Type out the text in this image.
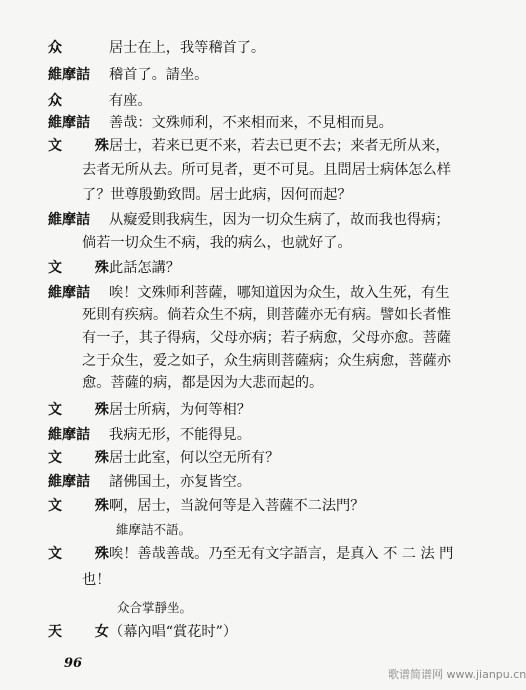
众	居士在上，我等稽首了。
維摩詰 稽首了。請坐。
众	有座。
維摩詰 善哉：文殊师利，不来相而来，不見相而見。
文 殊
居士，若来已更不来，若去已更不去；来者无所从来，
去者无所从去。所可見者，更不可見。且問居士病体怎么样
了？世尊殷勤致問。居士此病，因何而起？
維摩詰 从癡爱則我病生，因为一切众生病了，故而我也得病；
倘若一切众生不病，我的病么，也就好了。
文 殊
此話怎講？
維摩詰 唉！文殊师利菩薩，哪知道因为众生，故入生死，有生
死則有疾病。倘若众生不病，則菩薩亦无有病。譬如长者惟
有一子，其子得病，父母亦病；若子病愈，父母亦愈。菩薩
之于众生，爱之如子，众生病則菩薩病；众生病愈，菩薩亦
愈。菩薩的病，都是因为大悲而起的。
文 殊
居士所病，为何等相？
維摩詰 我病无形，不能得見。
文 殊
居士此室，何以空无所有？
維摩詰 諸佛国土，亦复皆空。
文 殊
啊，居士，当說何等是入菩薩不二法門？
維摩詰不語。
文 殊
唉！善哉善哉。乃至无有文字語言，是真入 不 二 法 門
也！
众合掌靜坐。
天 女
（幕內唱“賞花时”）
96
歌谱简谱网 www.jianpu.cn
